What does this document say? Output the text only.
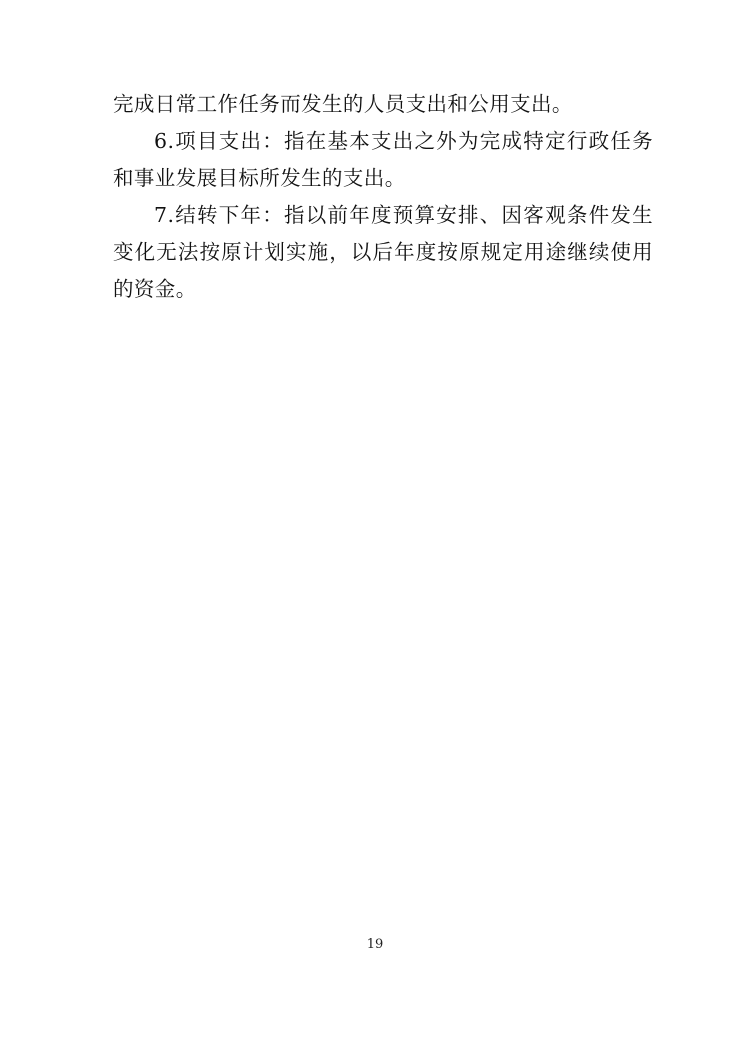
完成日常工作任务而发生的人员支出和公用支出。

6.项目支出：指在基本支出之外为完成特定行政任务和事业发展目标所发生的支出。

7.结转下年：指以前年度预算安排、因客观条件发生变化无法按原计划实施，以后年度按原规定用途继续使用的资金。

19
